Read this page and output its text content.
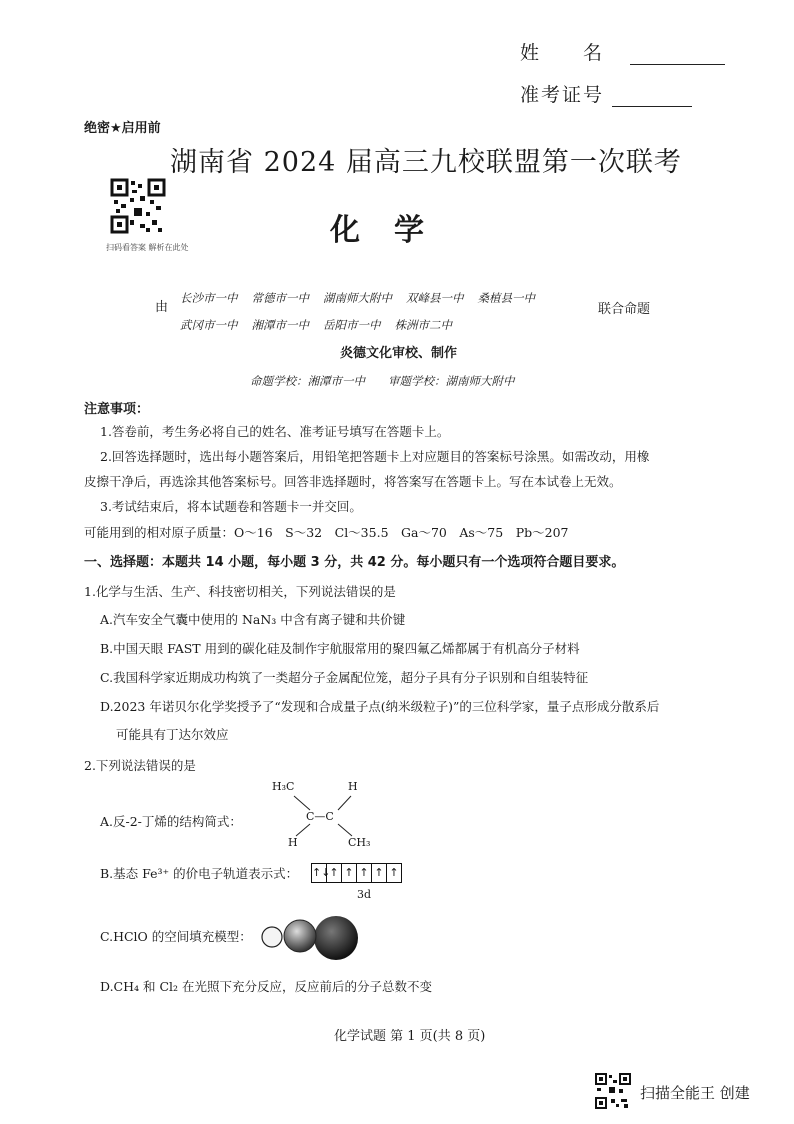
姓　　名
准考证号
绝密★启用前
湖南省 2024 届高三九校联盟第一次联考
扫码看答案 解析在此处	化学
由
长沙市一中 常德市一中 湖南师大附中 双峰县一中 桑植县一中
武冈市一中 湘潭市一中 岳阳市一中 株洲市二中
联合命题
炎德文化审校、制作
命题学校：湘潭市一中　　审题学校：湖南师大附中
注意事项：
1.答卷前，考生务必将自己的姓名、准考证号填写在答题卡上。
2.回答选择题时，选出每小题答案后，用铅笔把答题卡上对应题目的答案标号涂黑。如需改动，用橡
皮擦干净后，再选涂其他答案标号。回答非选择题时，将答案写在答题卡上。写在本试卷上无效。
3.考试结束后，将本试题卷和答题卡一并交回。
可能用到的相对原子质量：O～16　S～32　Cl～35.5　Ga～70　As～75　Pb～207
一、选择题：本题共 14 小题，每小题 3 分，共 42 分。每小题只有一个选项符合题目要求。
1.化学与生活、生产、科技密切相关，下列说法错误的是
A.汽车安全气囊中使用的 NaN₃ 中含有离子键和共价键
B.中国天眼 FAST 用到的碳化硅及制作宇航服常用的聚四氟乙烯都属于有机高分子材料
C.我国科学家近期成功构筑了一类超分子金属配位笼，超分子具有分子识别和自组装特征
D.2023 年诺贝尔化学奖授予了“发现和合成量子点(纳米级粒子)”的三位科学家，量子点形成分散系后
可能具有丁达尔效应
2.下列说法错误的是
A.反-2-丁烯的结构简式：
H₃C	H
C—C
H	CH₃
B.基态 Fe³⁺ 的价电子轨道表示式： ↑↓↑ ↑ ↑ ↑ ↑
3d
C.HClO 的空间填充模型：
D.CH₄ 和 Cl₂ 在光照下充分反应，反应前后的分子总数不变
化学试题 第 1 页(共 8 页)
扫描全能王 创建
